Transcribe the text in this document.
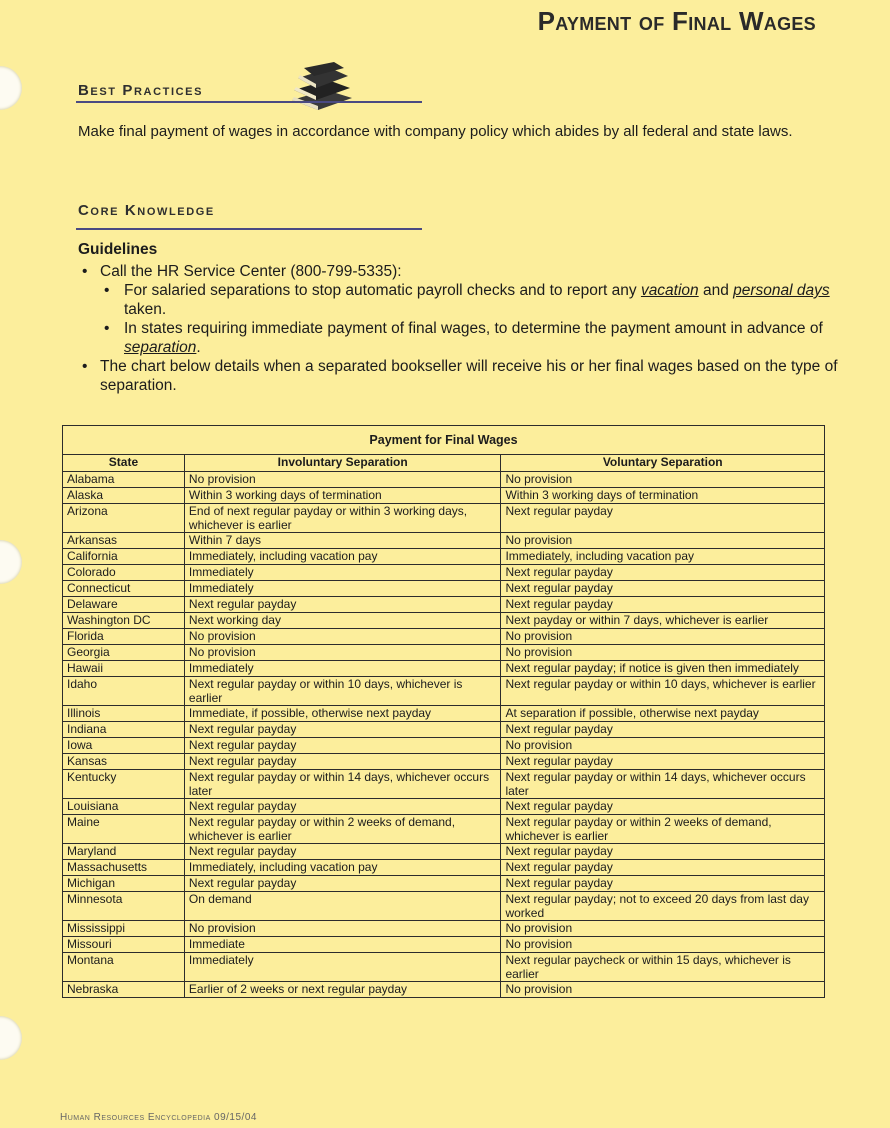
Payment of Final Wages
Best Practices
Make final payment of wages in accordance with company policy which abides by all federal and state laws.
Core Knowledge
Guidelines
• Call the HR Service Center (800-799-5335):
• For salaried separations to stop automatic payroll checks and to report any vacation and personal days taken.
• In states requiring immediate payment of final wages, to determine the payment amount in advance of separation.
• The chart below details when a separated bookseller will receive his or her final wages based on the type of separation.
Payment for Final Wages		
State	Involuntary Separation	Voluntary Separation
Alabama	No provision	No provision
Alaska	Within 3 working days of termination	Within 3 working days of termination
Arizona	End of next regular payday or within 3 working days, whichever is earlier	Next regular payday
Arkansas	Within 7 days	No provision
California	Immediately, including vacation pay	Immediately, including vacation pay
Colorado	Immediately	Next regular payday
Connecticut	Immediately	Next regular payday
Delaware	Next regular payday	Next regular payday
Washington DC	Next working day	Next payday or within 7 days, whichever is earlier
Florida	No provision	No provision
Georgia	No provision	No provision
Hawaii	Immediately	Next regular payday; if notice is given then immediately
Idaho	Next regular payday or within 10 days, whichever is earlier	Next regular payday or within 10 days, whichever is earlier
Illinois	Immediate, if possible, otherwise next payday	At separation if possible, otherwise next payday
Indiana	Next regular payday	Next regular payday
Iowa	Next regular payday	No provision
Kansas	Next regular payday	Next regular payday
Kentucky	Next regular payday or within 14 days, whichever occurs later	Next regular payday or within 14 days, whichever occurs later
Louisiana	Next regular payday	Next regular payday
Maine	Next regular payday or within 2 weeks of demand, whichever is earlier	Next regular payday or within 2 weeks of demand, whichever is earlier
Maryland	Next regular payday	Next regular payday
Massachusetts	Immediately, including vacation pay	Next regular payday
Michigan	Next regular payday	Next regular payday
Minnesota	On demand	Next regular payday; not to exceed 20 days from last day worked
Mississippi	No provision	No provision
Missouri	Immediate	No provision
Montana	Immediately	Next regular paycheck or within 15 days, whichever is earlier
Nebraska	Earlier of 2 weeks or next regular payday	No provision
Human Resources Encyclopedia 09/15/04
